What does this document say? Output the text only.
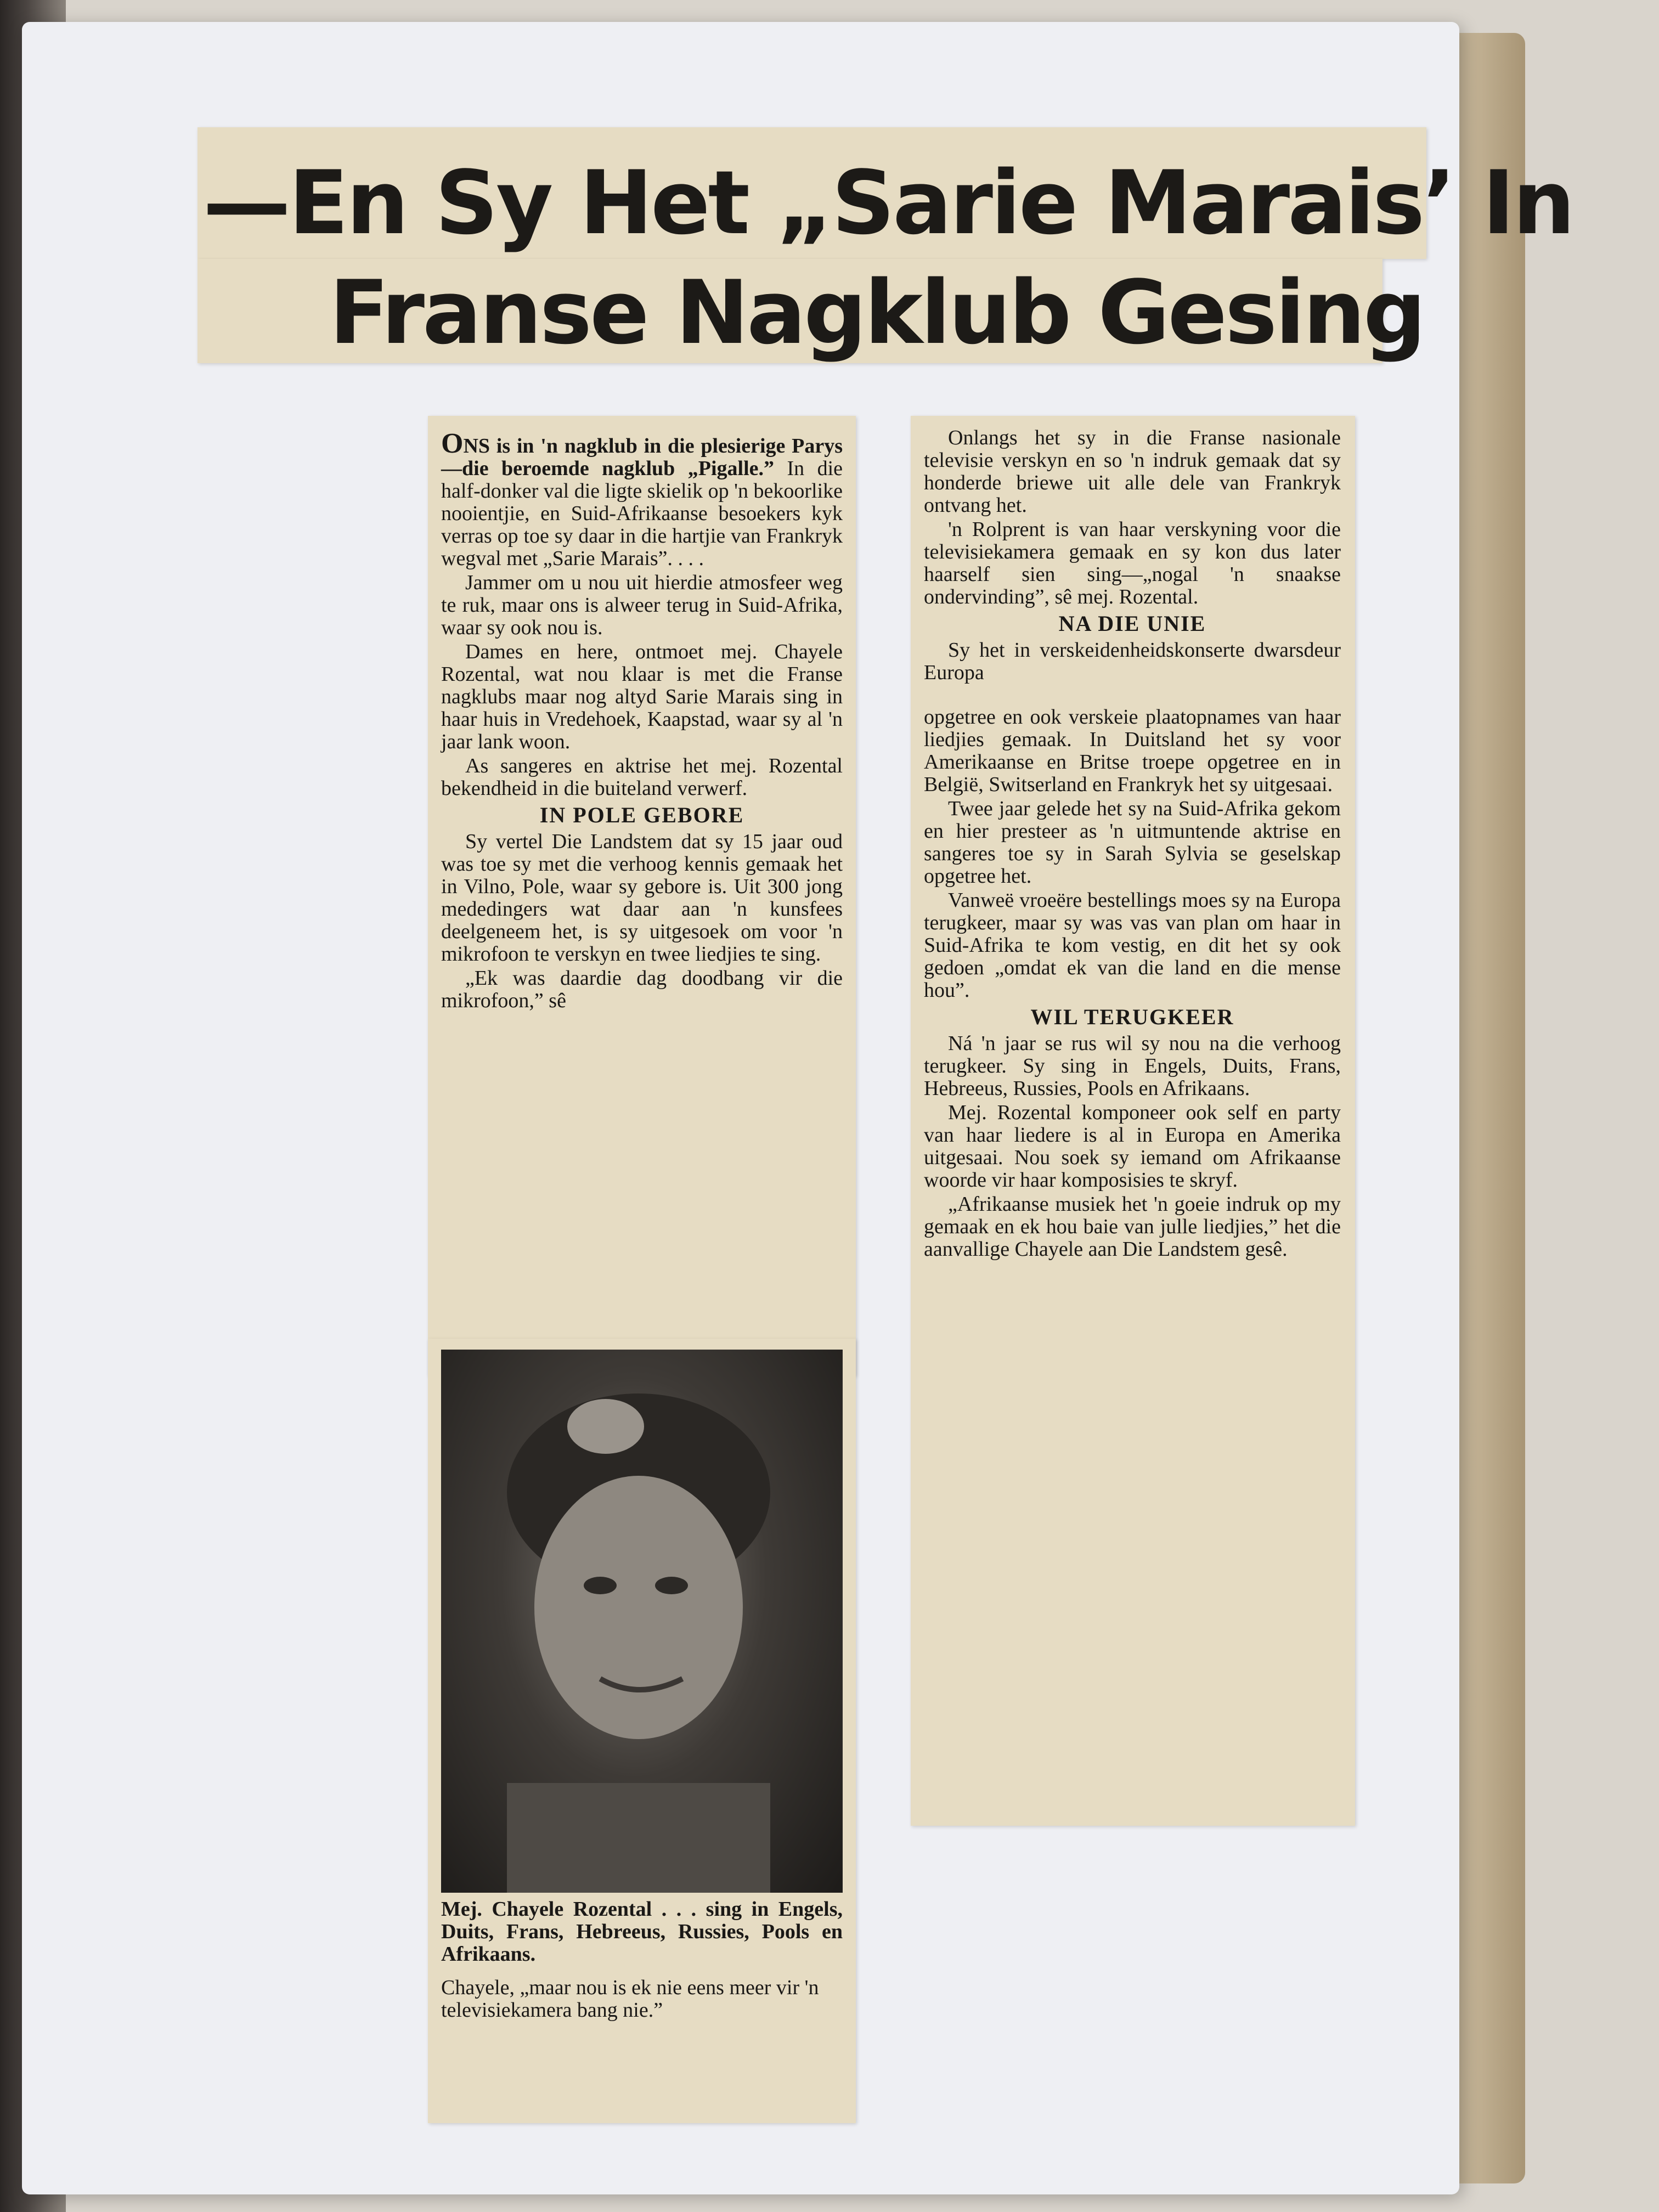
—En Sy Het „Sarie Marais’ In
Franse Nagklub Gesing

ONS is in 'n nagklub in die plesierige Parys—die beroemde nagklub „Pigalle.” In die half-donker val die ligte skielik op 'n bekoorlike nooientjie, en Suid-Afrikaanse besoekers kyk verras op toe sy daar in die hartjie van Frankryk wegval met „Sarie Marais”. . . .

Jammer om u nou uit hierdie atmosfeer weg te ruk, maar ons is alweer terug in Suid-Afrika, waar sy ook nou is.

Dames en here, ontmoet mej. Chayele Rozental, wat nou klaar is met die Franse nagklubs maar nog altyd Sarie Marais sing in haar huis in Vredehoek, Kaapstad, waar sy al 'n jaar lank woon.

As sangeres en aktrise het mej. Rozental bekendheid in die buiteland verwerf.

IN POLE GEBORE

Sy vertel Die Landstem dat sy 15 jaar oud was toe sy met die verhoog kennis gemaak het in Vilno, Pole, waar sy gebore is. Uit 300 jong mededingers wat daar aan 'n kunsfees deelgeneem het, is sy uitgesoek om voor 'n mikrofoon te verskyn en twee liedjies te sing.

„Ek was daardie dag doodbang vir die mikrofoon,” sê

Mej. Chayele Rozental . . . sing in Engels, Duits, Frans, Hebreeus, Russies, Pools en Afrikaans.
Chayele, „maar nou is ek nie eens meer vir 'n televisiekamera bang nie.”

Onlangs het sy in die Franse nasionale televisie verskyn en so 'n indruk gemaak dat sy honderde briewe uit alle dele van Frankryk ontvang het.

'n Rolprent is van haar verskyning voor die televisiekamera gemaak en sy kon dus later haarself sien sing—„nogal 'n snaakse ondervinding”, sê mej. Rozental.

NA DIE UNIE

Sy het in verskeidenheidskonserte dwarsdeur Europa

opgetree en ook verskeie plaatopnames van haar liedjies gemaak. In Duitsland het sy voor Amerikaanse en Britse troepe opgetree en in België, Switserland en Frankryk het sy uitgesaai.

Twee jaar gelede het sy na Suid-Afrika gekom en hier presteer as 'n uitmuntende aktrise en sangeres toe sy in Sarah Sylvia se geselskap opgetree het.

Vanweë vroeëre bestellings moes sy na Europa terugkeer, maar sy was vas van plan om haar in Suid-Afrika te kom vestig, en dit het sy ook gedoen „omdat ek van die land en die mense hou”.

WIL TERUGKEER

Ná 'n jaar se rus wil sy nou na die verhoog terugkeer. Sy sing in Engels, Duits, Frans, Hebreeus, Russies, Pools en Afrikaans.

Mej. Rozental komponeer ook self en party van haar liedere is al in Europa en Amerika uitgesaai. Nou soek sy iemand om Afrikaanse woorde vir haar komposisies te skryf.

„Afrikaanse musiek het 'n goeie indruk op my gemaak en ek hou baie van julle liedjies,” het die aanvallige Chayele aan Die Landstem gesê.
